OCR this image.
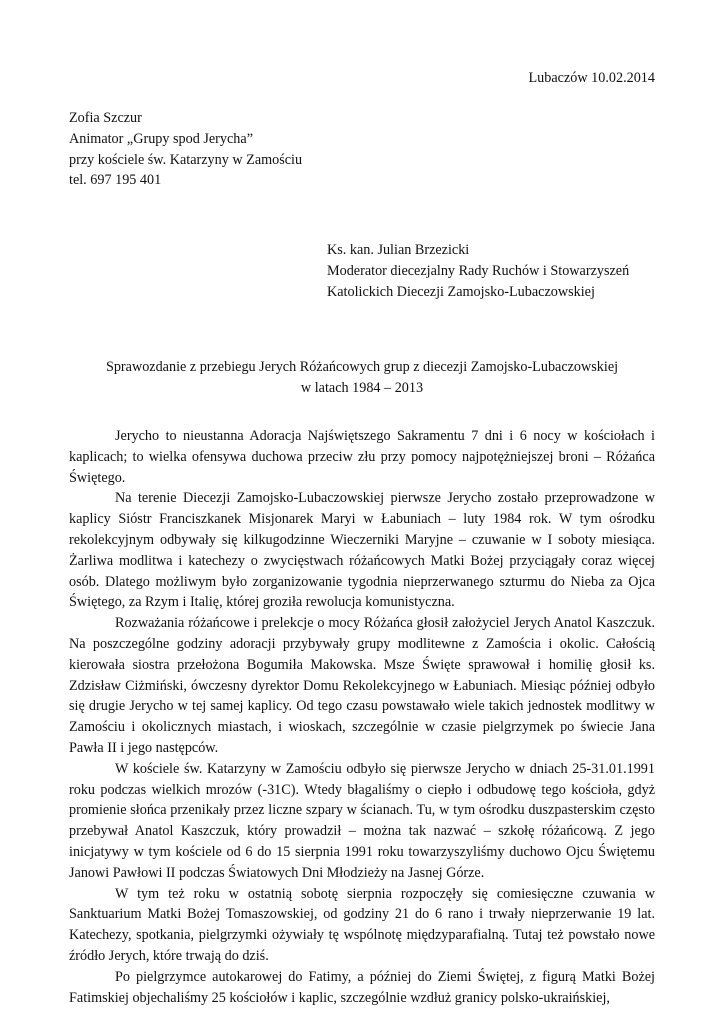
Lubaczów 10.02.2014
Zofia Szczur
Animator „Grupy spod Jerycha”
przy kościele św. Katarzyny w Zamościu
tel. 697 195 401
Ks. kan. Julian Brzezicki
Moderator diecezjalny Rady Ruchów i Stowarzyszeń
Katolickich Diecezji Zamojsko-Lubaczowskiej
Sprawozdanie z przebiegu Jerych Różańcowych grup z diecezji Zamojsko-Lubaczowskiej
w latach 1984 – 2013

Jerycho to nieustanna Adoracja Najświętszego Sakramentu 7 dni i 6 nocy w kościołach i kaplicach; to wielka ofensywa duchowa przeciw złu przy pomocy najpotężniejszej broni – Różańca Świętego.

Na terenie Diecezji Zamojsko-Lubaczowskiej pierwsze Jerycho zostało przeprowadzone w kaplicy Sióstr Franciszkanek Misjonarek Maryi w Łabuniach – luty 1984 rok. W tym ośrodku rekolekcyjnym odbywały się kilkugodzinne Wieczerniki Maryjne – czuwanie w I soboty miesiąca. Żarliwa modlitwa i katechezy o zwycięstwach różańcowych Matki Bożej przyciągały coraz więcej osób. Dlatego możliwym było zorganizowanie tygodnia nieprzerwanego szturmu do Nieba za Ojca Świętego, za Rzym i Italię, której groziła rewolucja komunistyczna.

Rozważania różańcowe i prelekcje o mocy Różańca głosił założyciel Jerych Anatol Kaszczuk. Na poszczególne godziny adoracji przybywały grupy modlitewne z Zamościa i okolic. Całością kierowała siostra przełożona Bogumiła Makowska. Msze Święte sprawował i homilię głosił ks. Zdzisław Ciżmiński, ówczesny dyrektor Domu Rekolekcyjnego w Łabuniach. Miesiąc później odbyło się drugie Jerycho w tej samej kaplicy. Od tego czasu powstawało wiele takich jednostek modlitwy w Zamościu i okolicznych miastach, i wioskach, szczególnie w czasie pielgrzymek po świecie Jana Pawła II i jego następców.

W kościele św. Katarzyny w Zamościu odbyło się pierwsze Jerycho w dniach 25-31.01.1991 roku podczas wielkich mrozów (-31C). Wtedy błagaliśmy o ciepło i odbudowę tego kościoła, gdyż promienie słońca przenikały przez liczne szpary w ścianach. Tu, w tym ośrodku duszpasterskim często przebywał Anatol Kaszczuk, który prowadził – można tak nazwać – szkołę różańcową. Z jego inicjatywy w tym kościele od 6 do 15 sierpnia 1991 roku towarzyszyliśmy duchowo Ojcu Świętemu Janowi Pawłowi II podczas Światowych Dni Młodzieży na Jasnej Górze.

W tym też roku w ostatnią sobotę sierpnia rozpoczęły się comiesięczne czuwania w Sanktuarium Matki Bożej Tomaszowskiej, od godziny 21 do 6 rano i trwały nieprzerwanie 19 lat. Katechezy, spotkania, pielgrzymki ożywiały tę wspólnotę międzyparafialną. Tutaj też powstało nowe źródło Jerych, które trwają do dziś.

Po pielgrzymce autokarowej do Fatimy, a później do Ziemi Świętej, z figurą Matki Bożej Fatimskiej objechaliśmy 25 kościołów i kaplic, szczególnie wzdłuż granicy polsko-ukraińskiej,
